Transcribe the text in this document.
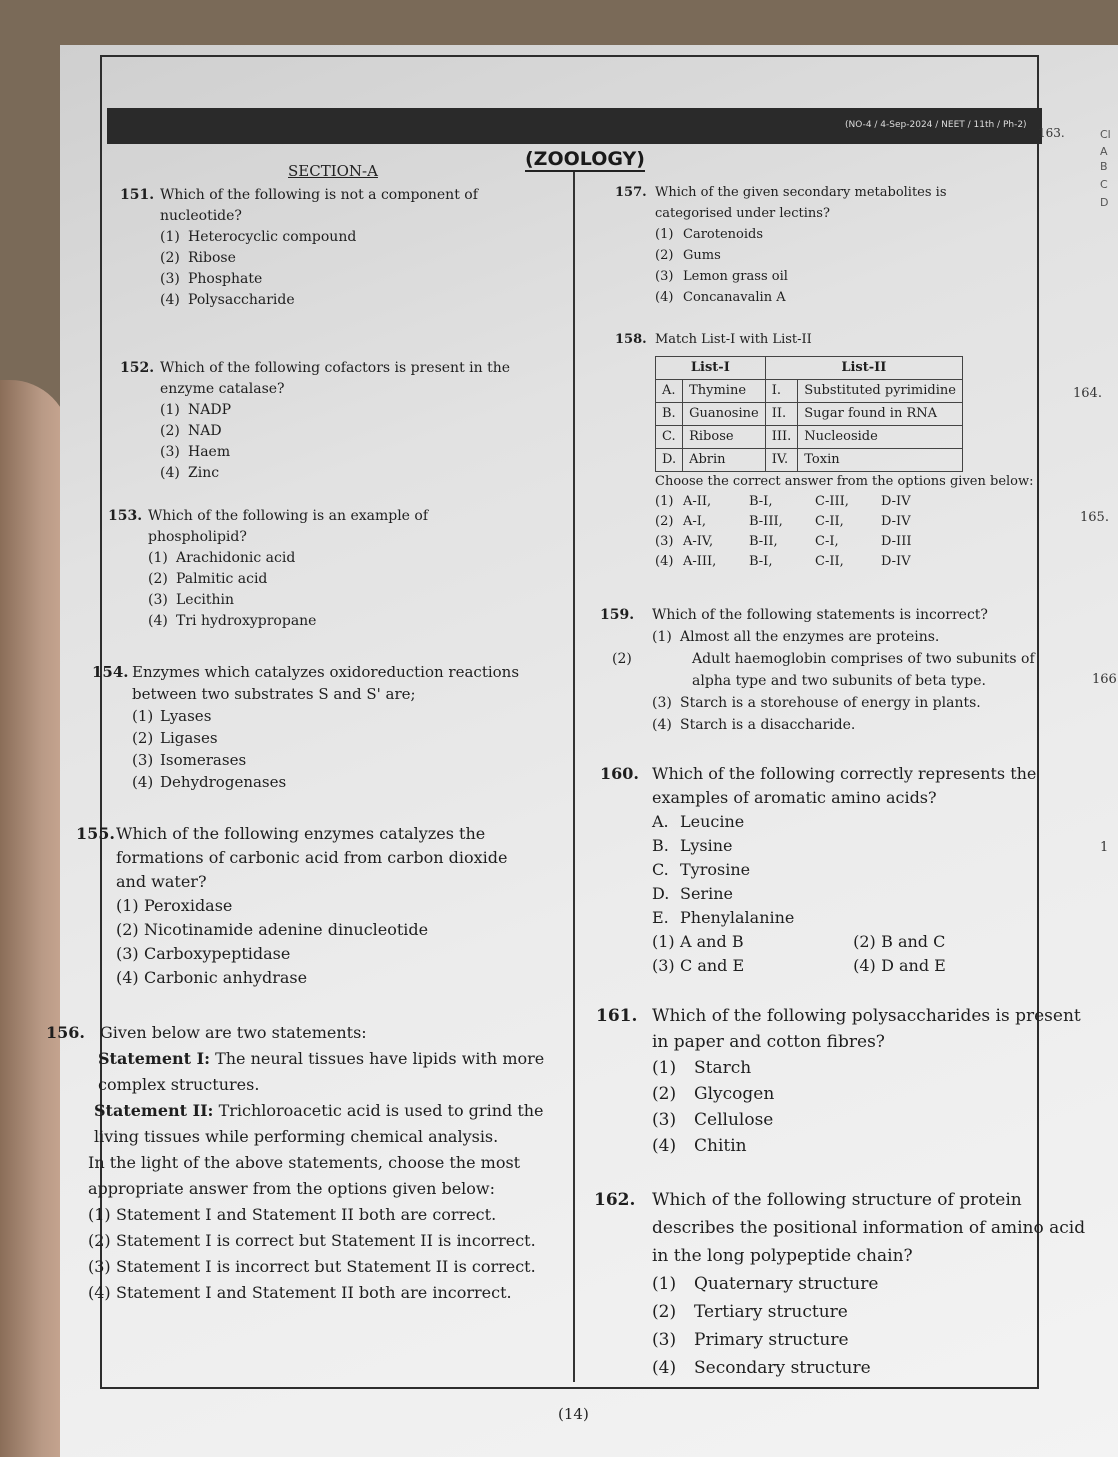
(NO-4 / 4-Sep-2024 / NEET / 11th / Ph-2)
163.
(ZOOLOGY)
SECTION-A
164.
165.
166
1
Cl
A
B
C
D
151. Which of the following is not a component of
nucleotide?
(1) Heterocyclic compound
(2) Ribose
(3) Phosphate
(4) Polysaccharide
152. Which of the following cofactors is present in the
enzyme catalase?
(1) NADP
(2) NAD
(3) Haem
(4) Zinc
153. Which of the following is an example of
phospholipid?
(1) Arachidonic acid
(2) Palmitic acid
(3) Lecithin
(4) Tri hydroxypropane
154. Enzymes which catalyzes oxidoreduction reactions
between two substrates S and S' are;
(1) Lyases
(2) Ligases
(3) Isomerases
(4) Dehydrogenases
155. Which of the following enzymes catalyzes the
formations of carbonic acid from carbon dioxide
and water?
(1) Peroxidase
(2) Nicotinamide adenine dinucleotide
(3) Carboxypeptidase
(4) Carbonic anhydrase
156. Given below are two statements:
Statement I: The neural tissues have lipids with more complex structures.
Statement II: Trichloroacetic acid is used to grind the living tissues while performing chemical analysis.
In the light of the above statements, choose the most appropriate answer from the options given below:
(1) Statement I and Statement II both are correct.
(2) Statement I is correct but Statement II is incorrect.
(3) Statement I is incorrect but Statement II is correct.
(4) Statement I and Statement II both are incorrect.
157. Which of the given secondary metabolites is
categorised under lectins?
(1) Carotenoids
(2) Gums
(3) Lemon grass oil
(4) Concanavalin A
158. Match List-I with List-II
List-I		List-II	
A.	Thymine	I.	Substituted pyrimidine
B.	Guanosine	II.	Sugar found in RNA
C.	Ribose	III.	Nucleoside
D.	Abrin	IV.	Toxin
Choose the correct answer from the options given below:
(1) A-II,	B-I,	C-III, D-IV
(2) A-I,	B-III, C-II,	D-IV
(3) A-IV,	B-II,	C-I,	D-III
(4) A-III,	B-I,	C-II,	D-IV
159. Which of the following statements is incorrect?
(1) Almost all the enzymes are proteins.
(2)	Adult haemoglobin comprises of two subunits of alpha type and two subunits of beta type.
(3) Starch is a storehouse of energy in plants.
(4) Starch is a disaccharide.
160. Which of the following correctly represents the
examples of aromatic amino acids?
A. Leucine
B. Lysine
C. Tyrosine
D. Serine
E. Phenylalanine
(1) A and B	(2) B and C
(3) C and E	(4) D and E
161. Which of the following polysaccharides is present
in paper and cotton fibres?
(1) Starch
(2) Glycogen
(3) Cellulose
(4) Chitin
162. Which of the following structure of protein
describes the positional information of amino acid
in the long polypeptide chain?
(1) Quaternary structure
(2) Tertiary structure
(3) Primary structure
(4) Secondary structure
(14)
